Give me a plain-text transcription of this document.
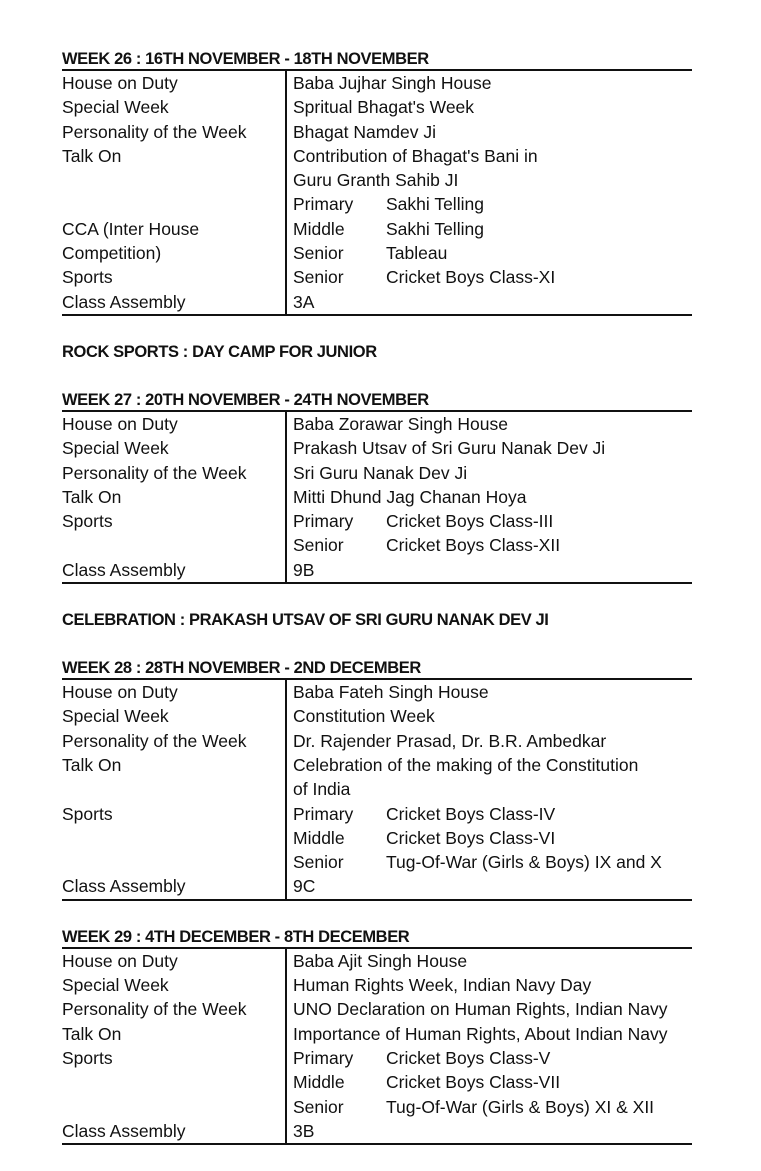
WEEK 26 : 16TH NOVEMBER - 18TH NOVEMBER
House on Duty	Baba Jujhar Singh House
Special Week	Spritual Bhagat's Week
Personality of the Week	Bhagat Namdev Ji
Talk On	Contribution of Bhagat's Bani in
Guru Granth Sahib JI
Primary Sakhi Telling
CCA (Inter House	Middle Sakhi Telling
Competition)	Senior Tableau
Sports	Senior Cricket Boys Class-XI
Class Assembly	3A
ROCK SPORTS : DAY CAMP FOR JUNIOR
WEEK 27 : 20TH NOVEMBER - 24TH NOVEMBER
House on Duty	Baba Zorawar Singh House
Special Week	Prakash Utsav of Sri Guru Nanak Dev Ji
Personality of the Week	Sri Guru Nanak Dev Ji
Talk On	Mitti Dhund Jag Chanan Hoya
Sports	Primary Cricket Boys Class-III
Senior Cricket Boys Class-XII
Class Assembly	9B
CELEBRATION : PRAKASH UTSAV OF SRI GURU NANAK DEV JI
WEEK 28 : 28TH NOVEMBER - 2ND DECEMBER
House on Duty	Baba Fateh Singh House
Special Week	Constitution Week
Personality of the Week	Dr. Rajender Prasad, Dr. B.R. Ambedkar
Talk On	Celebration of the making of the Constitution
of India
Sports	Primary Cricket Boys Class-IV
Middle Cricket Boys Class-VI
Senior Tug-Of-War (Girls & Boys) IX and X
Class Assembly	9C
WEEK 29 : 4TH DECEMBER - 8TH DECEMBER
House on Duty	Baba Ajit Singh House
Special Week	Human Rights Week, Indian Navy Day
Personality of the Week	UNO Declaration on Human Rights, Indian Navy
Talk On	Importance of Human Rights, About Indian Navy
Sports	Primary Cricket Boys Class-V
Middle Cricket Boys Class-VII
Senior Tug-Of-War (Girls & Boys) XI & XII
Class Assembly	3B
